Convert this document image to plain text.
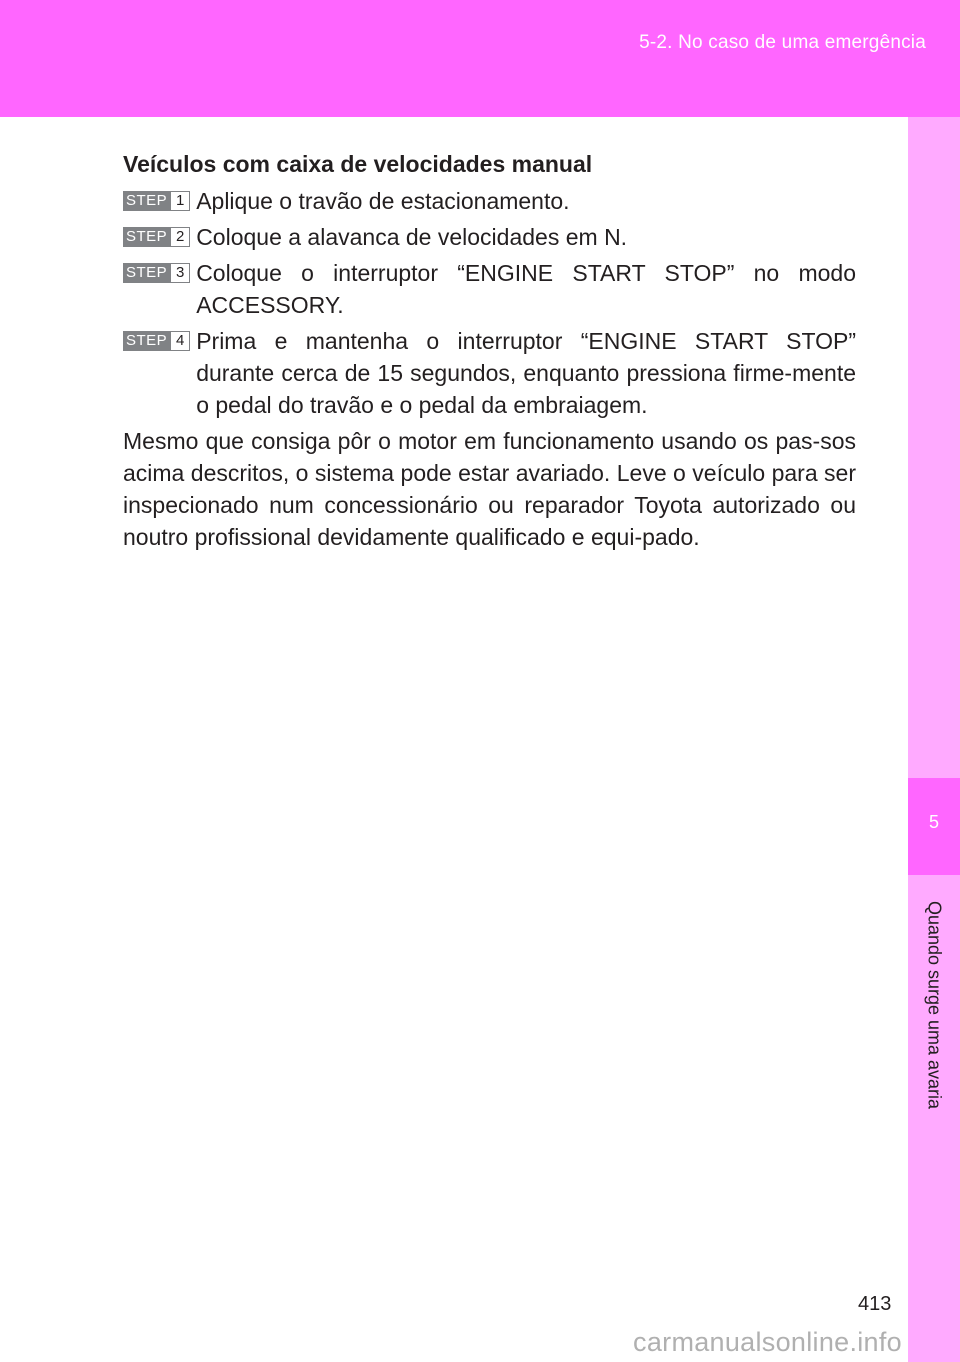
5-2. No caso de uma emergência
5
Quando surge uma avaria
Veículos com caixa de velocidades manual
STEP 1 Aplique o travão de estacionamento.
STEP 2 Coloque a alavanca de velocidades em N.
STEP 3 Coloque o interruptor “ENGINE START STOP” no modo ACCESSORY.
STEP 4 Prima e mantenha o interruptor “ENGINE START STOP” durante cerca de 15 segundos, enquanto pressiona firme-mente o pedal do travão e o pedal da embraiagem.

Mesmo que consiga pôr o motor em funcionamento usando os pas-sos acima descritos, o sistema pode estar avariado. Leve o veículo para ser inspecionado num concessionário ou reparador Toyota autorizado ou noutro profissional devidamente qualificado e equi-pado.

413
carmanualsonline.info
